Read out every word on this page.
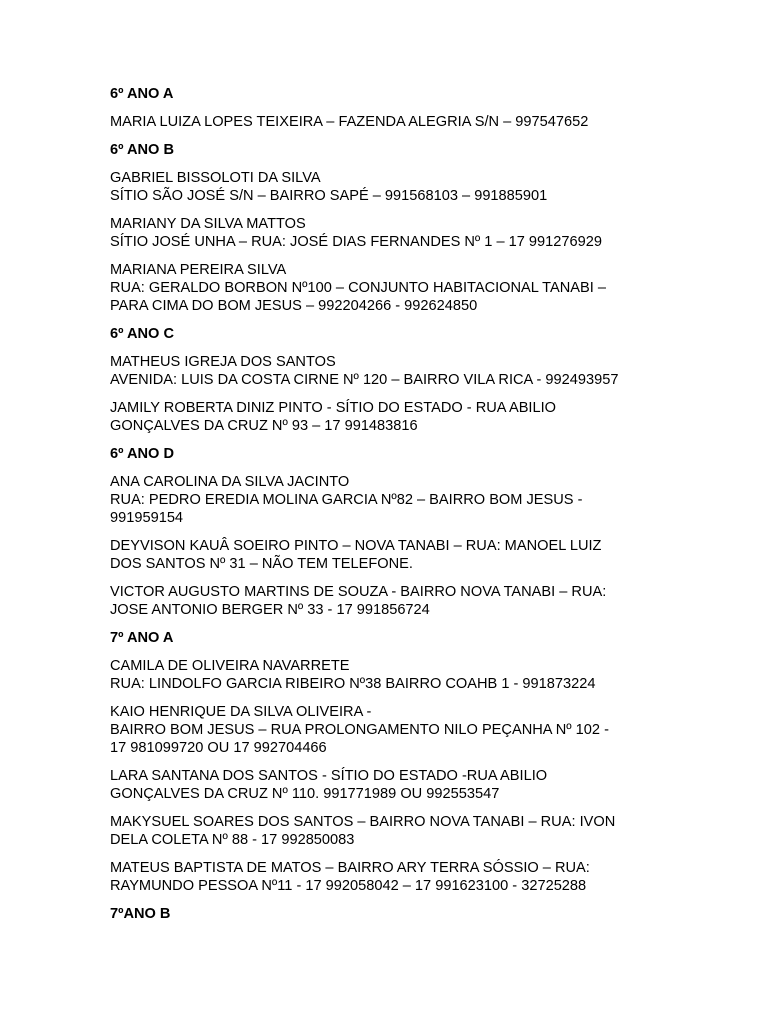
6º ANO A
MARIA LUIZA LOPES TEIXEIRA – FAZENDA ALEGRIA S/N – 997547652
6º ANO B
GABRIEL BISSOLOTI DA SILVA
SÍTIO SÃO JOSÉ S/N – BAIRRO SAPÉ – 991568103 – 991885901
MARIANY DA SILVA MATTOS
SÍTIO JOSÉ UNHA – RUA: JOSÉ DIAS FERNANDES Nº 1 – 17 991276929
MARIANA PEREIRA SILVA
RUA: GERALDO BORBON Nº100 – CONJUNTO HABITACIONAL TANABI –
PARA CIMA DO BOM JESUS – 992204266 - 992624850
6º ANO C
MATHEUS IGREJA DOS SANTOS
AVENIDA: LUIS DA COSTA CIRNE Nº 120 – BAIRRO VILA RICA - 992493957
JAMILY ROBERTA DINIZ PINTO - SÍTIO DO ESTADO - RUA ABILIO
GONÇALVES DA CRUZ Nº 93 – 17 991483816
6º ANO D
ANA CAROLINA DA SILVA JACINTO
RUA: PEDRO EREDIA MOLINA GARCIA Nº82 – BAIRRO BOM JESUS -
991959154
DEYVISON KAUÂ SOEIRO PINTO – NOVA TANABI – RUA: MANOEL LUIZ
DOS SANTOS Nº 31 – NÃO TEM TELEFONE.
VICTOR AUGUSTO MARTINS DE SOUZA - BAIRRO NOVA TANABI – RUA:
JOSE ANTONIO BERGER Nº 33 - 17 991856724
7º ANO A
CAMILA DE OLIVEIRA NAVARRETE
RUA: LINDOLFO GARCIA RIBEIRO Nº38 BAIRRO COAHB 1 - 991873224
KAIO HENRIQUE DA SILVA OLIVEIRA -
BAIRRO BOM JESUS – RUA PROLONGAMENTO NILO PEÇANHA Nº 102 -
17 981099720 OU 17 992704466
LARA SANTANA DOS SANTOS - SÍTIO DO ESTADO -RUA ABILIO
GONÇALVES DA CRUZ Nº 110. 991771989 OU 992553547
MAKYSUEL SOARES DOS SANTOS – BAIRRO NOVA TANABI – RUA: IVON
DELA COLETA Nº 88 - 17 992850083
MATEUS BAPTISTA DE MATOS – BAIRRO ARY TERRA SÓSSIO – RUA:
RAYMUNDO PESSOA Nº11 - 17 992058042 – 17 991623100 - 32725288
7ºANO B
